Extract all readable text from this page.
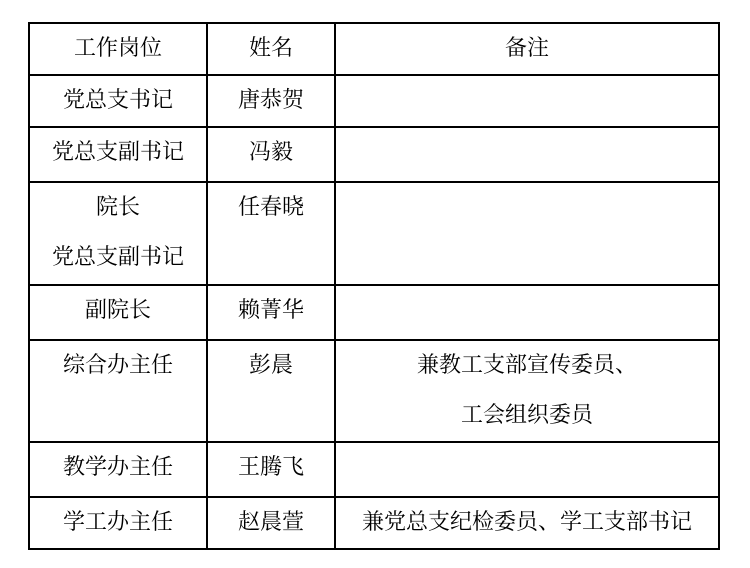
工作岗位	姓名	备注

党总支书记	唐恭贺	

党总支副书记	冯毅	

院长
党总支副书记	任春晓	

副院长	赖菁华	

综合办主任	彭晨	兼教工支部宣传委员、
工会组织委员

教学办主任	王腾飞	

学工办主任	赵晨萱	兼党总支纪检委员、学工支部书记
